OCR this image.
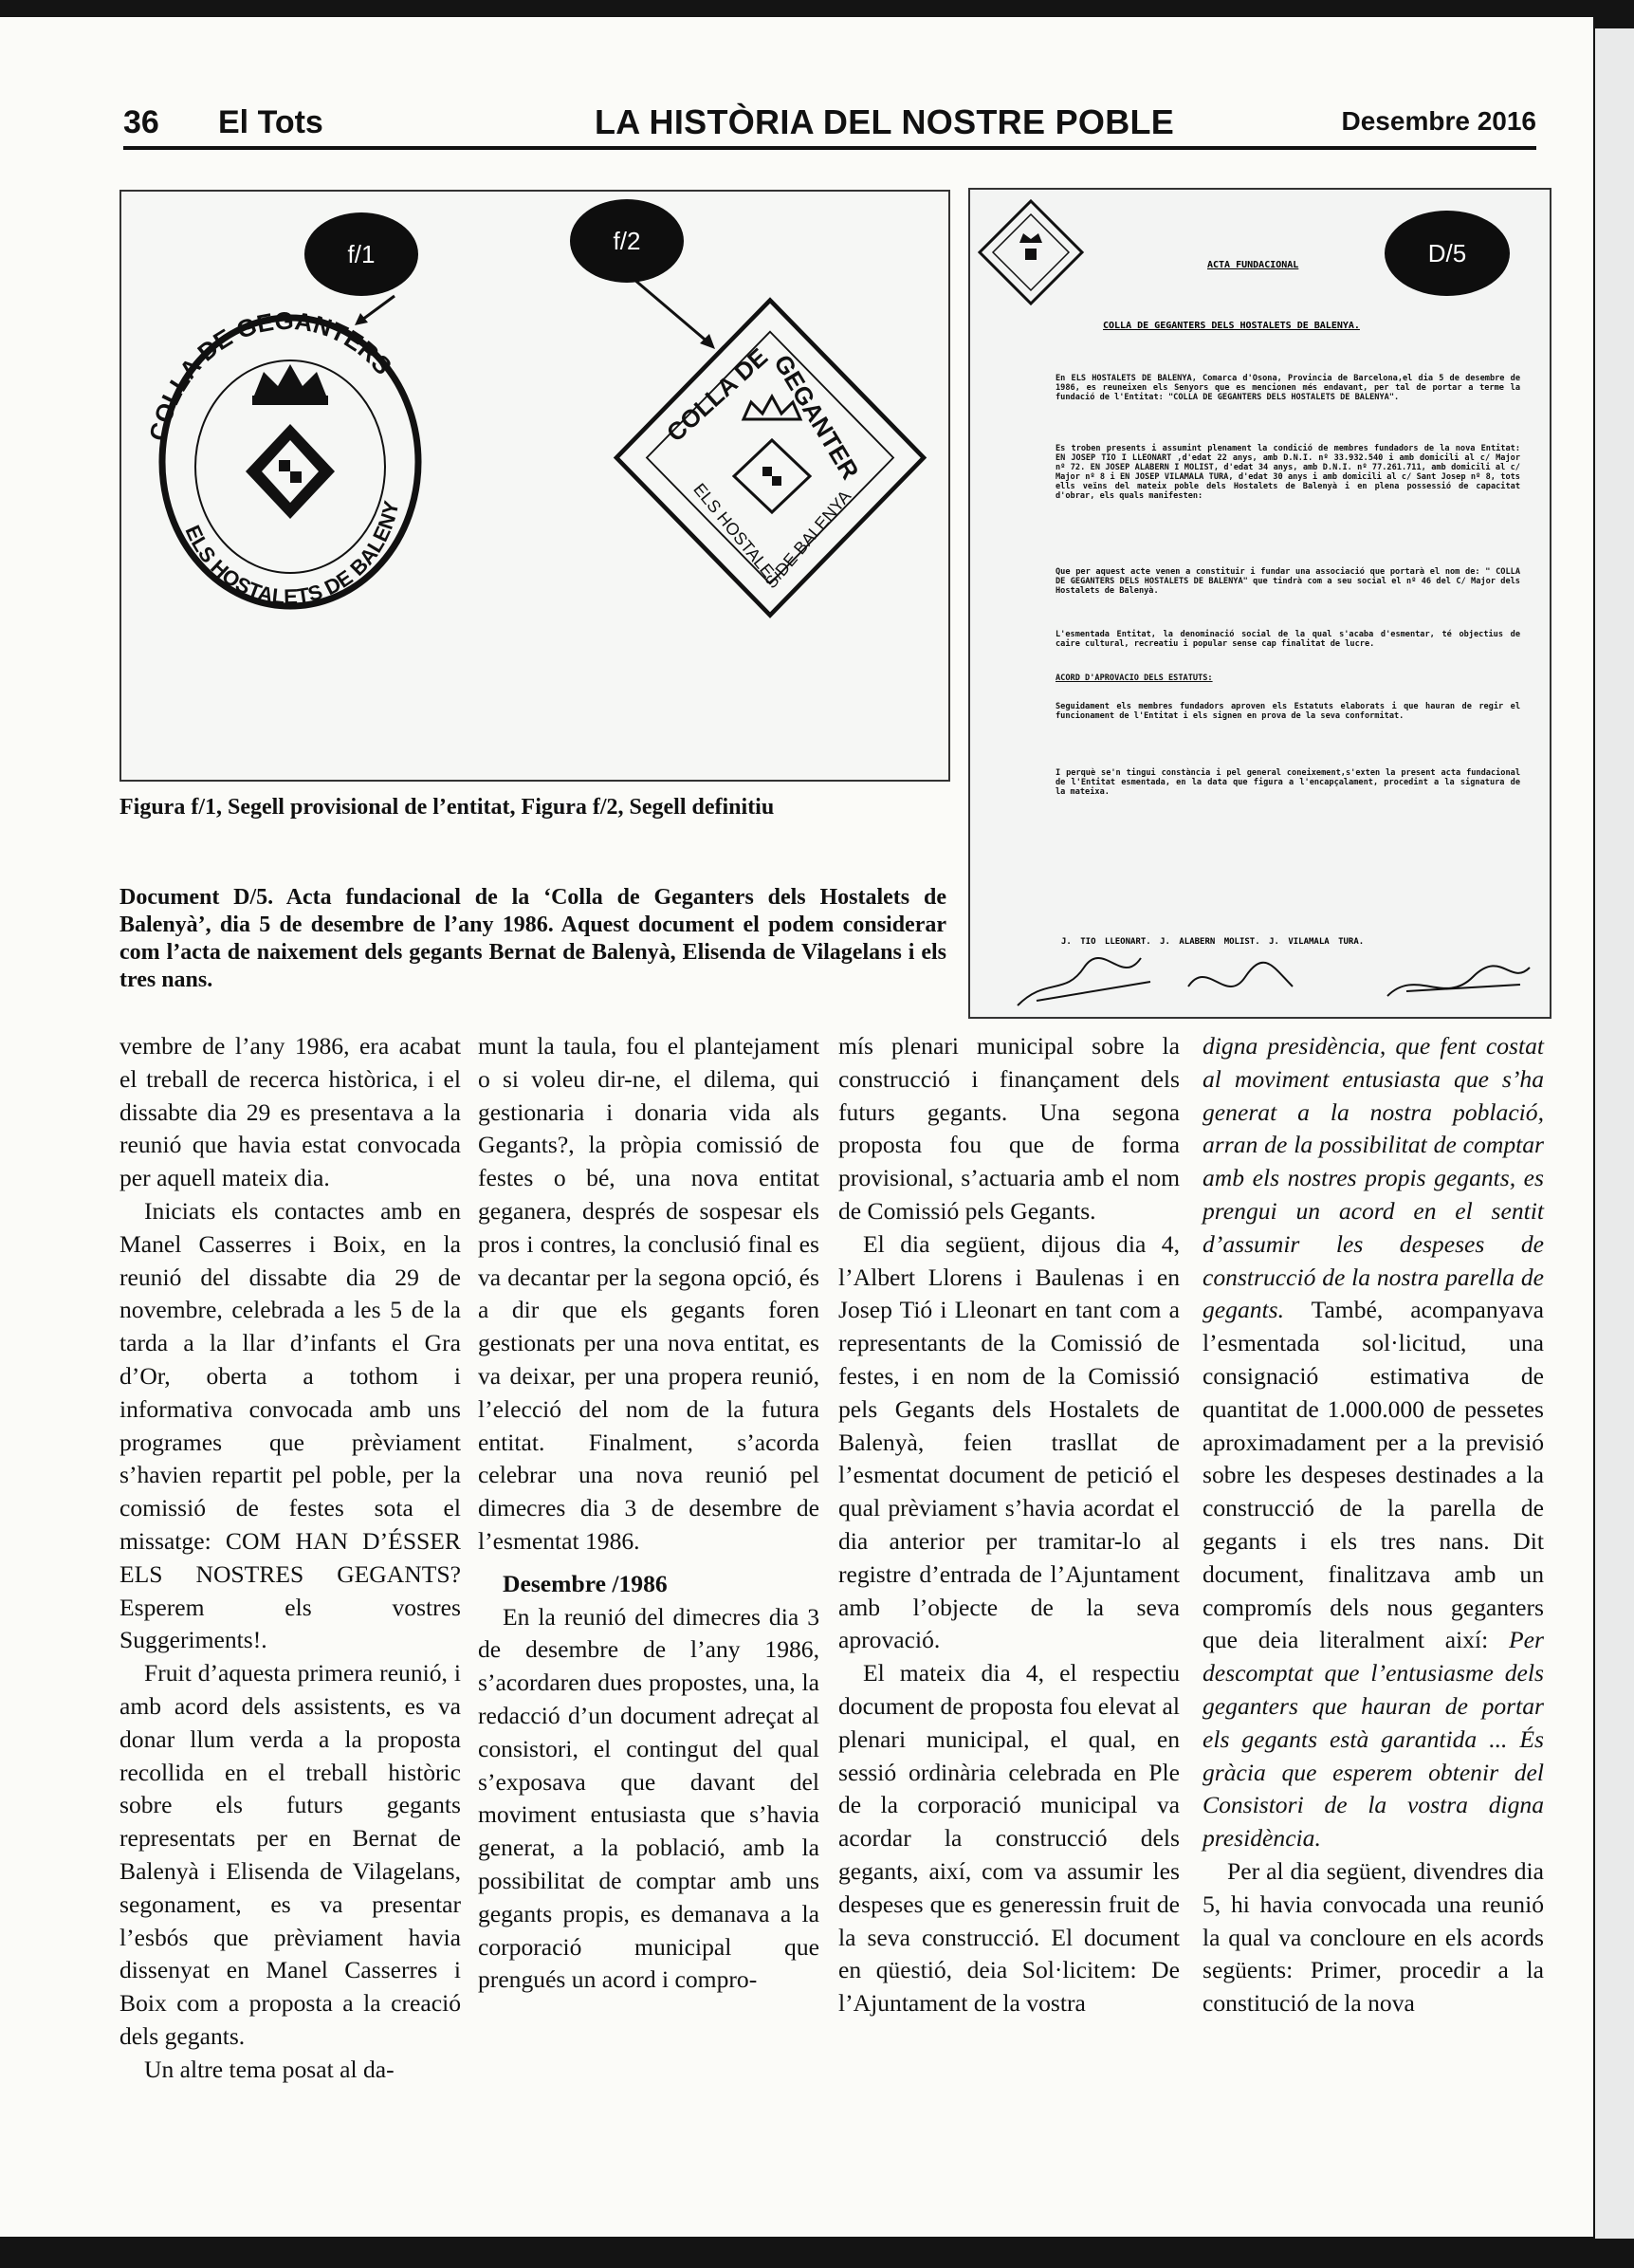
36 El Tots	LA HISTÒRIA DEL NOSTRE POBLE	Desembre 2016
COLLA DE GEGANTERS
ELS HOSTALETS DE BALENY
COLLA DE GEGANTER
ELS HOSTALETS DE BALENYA
f/1	f/2
Figura f/1, Segell provisional de l’entitat, Figura f/2, Segell definitiu
Document D/5. Acta fundacional de la ‘Colla de Geganters dels Hostalets de Balenyà’, dia 5 de desembre de l’any 1986. Aquest document el podem considerar com l’acta de naixement dels gegants Bernat de Balenyà, Elisenda de Vilagelans i els tres nans.
D/5
ACTA FUNDACIONAL
COLLA DE GEGANTERS DELS HOSTALETS DE BALENYA.
En ELS HOSTALETS DE BALENYA, Comarca d'Osona, Provincia de Barcelona,el dia 5 de desembre de 1986, es reuneixen els Senyors que es mencionen més endavant, per tal de portar a terme la fundació de l'Entitat: "COLLA DE GEGANTERS DELS HOSTALETS DE BALENYA".
Es troben presents i assumint plenament la condició de membres fundadors de la nova Entitat: EN JOSEP TIO I LLEONART ,d'edat 22 anys, amb D.N.I. nº 33.932.540 i amb domicili al c/ Major nº 72. EN JOSEP ALABERN I MOLIST, d'edat 34 anys, amb D.N.I. nº 77.261.711, amb domicili al c/ Major nº 8 i EN JOSEP VILAMALA TURA, d'edat 30 anys i amb domicili al c/ Sant Josep nº 8, tots ells veïns del mateix poble dels Hostalets de Balenyà i en plena possessió de capacitat d'obrar, els quals manifesten:
Que per aquest acte venen a constituir i fundar una associació que portarà el nom de: " COLLA DE GEGANTERS DELS HOSTALETS DE BALENYA" que tindrà com a seu social el nº 46 del C/ Major dels Hostalets de Balenyà.
L'esmentada Entitat, la denominació social de la qual s'acaba d'esmentar, té objectius de caire cultural, recreatiu i popular sense cap finalitat de lucre.
ACORD D'APROVACIO DELS ESTATUTS:
Seguidament els membres fundadors aproven els Estatuts elaborats i que hauran de regir el funcionament de l'Entitat i els signen en prova de la seva conformitat.
I perquè se'n tingui constància i pel general coneixement,s'exten la present acta fundacional de l'Entitat esmentada, en la data que figura a l'encapçalament, procedint a la signatura de la mateixa.
J. TIO LLEONART. J. ALABERN MOLIST. J. VILAMALA TURA.

vembre de l’any 1986, era acabat el treball de recerca històrica, i el dissabte dia 29 es presentava a la reunió que havia estat convocada per aquell mateix dia.

Iniciats els contactes amb en Manel Casserres i Boix, en la reunió del dissabte dia 29 de novembre, celebrada a les 5 de la tarda a la llar d’infants el Gra d’Or, oberta a tothom i informativa convocada amb uns programes que prèviament s’havien repartit pel poble, per la comissió de festes sota el missatge: COM HAN D’ÉSSER ELS NOSTRES GEGANTS? Esperem els vostres Suggeriments!.

Fruit d’aquesta primera reunió, i amb acord dels assistents, es va donar llum verda a la proposta recollida en el treball històric sobre els futurs gegants representats per en Bernat de Balenyà i Elisenda de Vilagelans, segonament, es va presentar l’esbós que prèviament havia dissenyat en Manel Casserres i Boix com a proposta a la creació dels gegants.

Un altre tema posat al da-

munt la taula, fou el plantejament o si voleu dir-ne, el dilema, qui gestionaria i donaria vida als Gegants?, la pròpia comissió de festes o bé, una nova entitat geganera, després de sospesar els pros i contres, la conclusió final es va decantar per la segona opció, és a dir que els gegants foren gestionats per una nova entitat, es va deixar, per una propera reunió, l’elecció del nom de la futura entitat. Finalment, s’acorda celebrar una nova reunió pel dimecres dia 3 de desembre de l’esmentat 1986.

Desembre /1986

En la reunió del dimecres dia 3 de desembre de l’any 1986, s’acordaren dues propostes, una, la redacció d’un document adreçat al consistori, el contingut del qual s’exposava que davant del moviment entusiasta que s’havia generat, a la població, amb la possibilitat de comptar amb uns gegants propis, es demanava a la corporació municipal que prengués un acord i compro-

mís plenari municipal sobre la construcció i finançament dels futurs gegants. Una segona proposta fou que de forma provisional, s’actuaria amb el nom de Comissió pels Gegants.

El dia següent, dijous dia 4, l’Albert Llorens i Baulenas i en Josep Tió i Lleonart en tant com a representants de la Comissió de festes, i en nom de la Comissió pels Gegants dels Hostalets de Balenyà, feien trasllat de l’esmentat document de petició el qual prèviament s’havia acordat el dia anterior per tramitar-lo al registre d’entrada de l’Ajuntament amb l’objecte de la seva aprovació.

El mateix dia 4, el respectiu document de proposta fou elevat al plenari municipal, el qual, en sessió ordinària celebrada en Ple de la corporació municipal va acordar la construcció dels gegants, així, com va assumir les despeses que es generessin fruit de la seva construcció. El document en qüestió, deia Sol·licitem: De l’Ajuntament de la vostra

digna presidència, que fent costat al moviment entusiasta que s’ha generat a la nostra població, arran de la possibilitat de comptar amb els nostres propis gegants, es prengui un acord en el sentit d’assumir les despeses de construcció de la nostra parella de gegants. També, acompanyava l’esmentada sol·licitud, una consignació estimativa de quantitat de 1.000.000 de pessetes aproximadament per a la previsió sobre les despeses destinades a la construcció de la parella de gegants i els tres nans. Dit document, finalitzava amb un compromís dels nous geganters que deia literalment així: Per descomptat que l’entusiasme dels geganters que hauran de portar els gegants està garantida ... És gràcia que esperem obtenir del Consistori de la vostra digna presidència.

Per al dia següent, divendres dia 5, hi havia convocada una reunió la qual va concloure en els acords següents: Primer, procedir a la constitució de la nova
